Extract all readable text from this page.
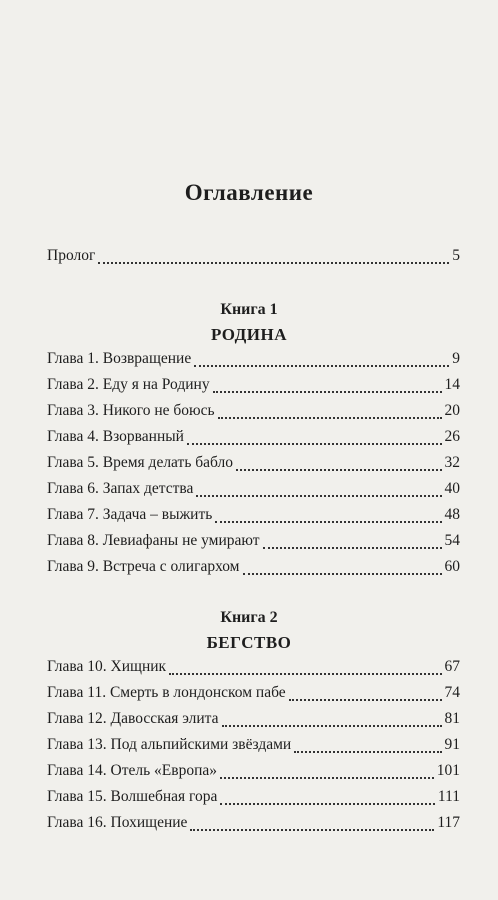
Оглавление
Пролог	5
Книга 1
РОДИНА
Глава 1. Возвращение	9
Глава 2. Еду я на Родину	14
Глава 3. Никого не боюсь	20
Глава 4. Взорванный	26
Глава 5. Время делать бабло	32
Глава 6. Запах детства	40
Глава 7. Задача – выжить	48
Глава 8. Левиафаны не умирают	54
Глава 9. Встреча с олигархом	60
Книга 2
БЕГСТВО
Глава 10. Хищник	67
Глава 11. Смерть в лондонском пабе	74
Глава 12. Давосская элита	81
Глава 13. Под альпийскими звёздами	91
Глава 14. Отель «Европа»	101
Глава 15. Волшебная гора	111
Глава 16. Похищение	117
